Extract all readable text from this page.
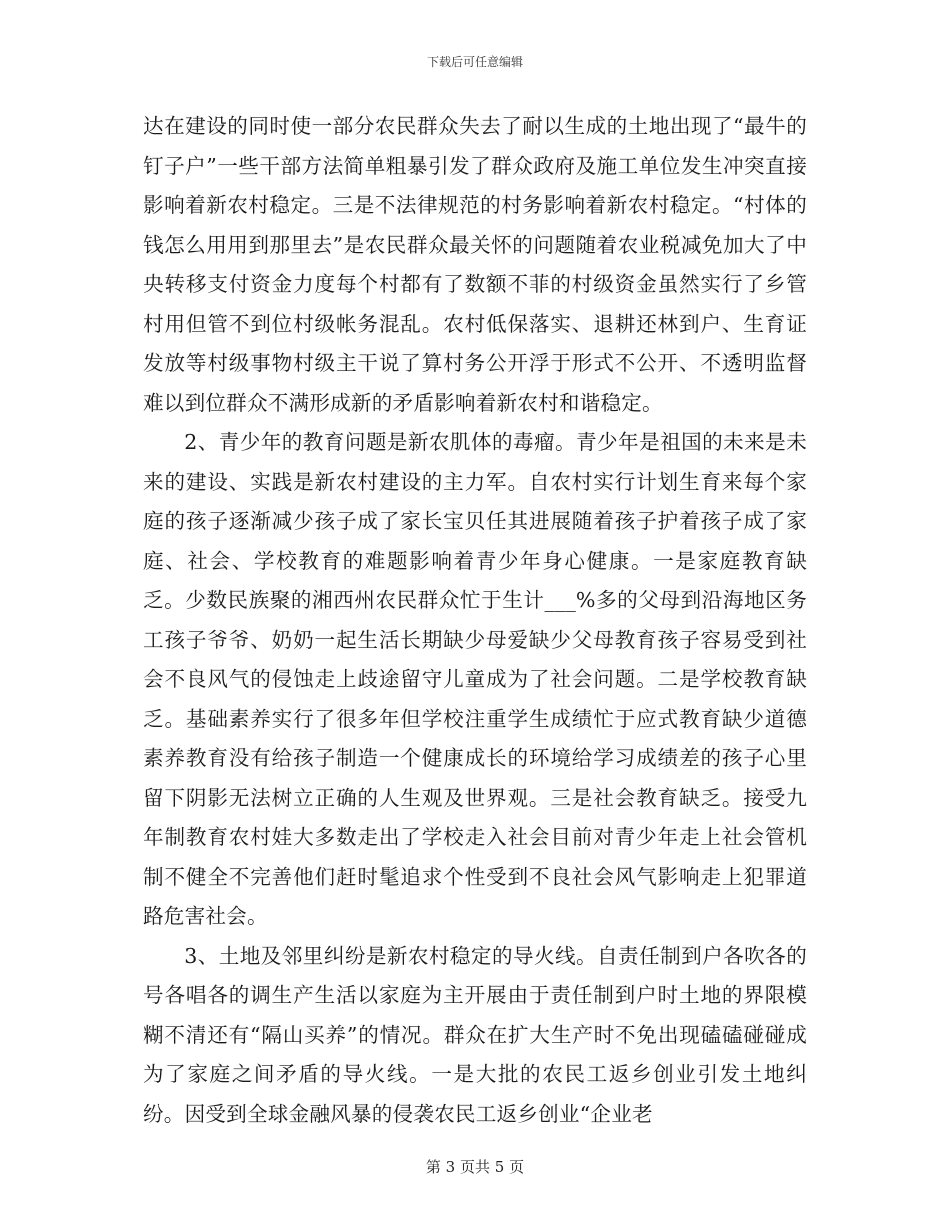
下载后可任意编辑

达在建设的同时使一部分农民群众失去了耐以生成的土地出现了“最牛的钉子户”一些干部方法简单粗暴引发了群众政府及施工单位发生冲突直接影响着新农村稳定。三是不法律规范的村务影响着新农村稳定。“村体的钱怎么用用到那里去”是农民群众最关怀的问题随着农业税减免加大了中央转移支付资金力度每个村都有了数额不菲的村级资金虽然实行了乡管村用但管不到位村级帐务混乱。农村低保落实、退耕还林到户、生育证发放等村级事物村级主干说了算村务公开浮于形式不公开、不透明监督难以到位群众不满形成新的矛盾影响着新农村和谐稳定。

2、青少年的教育问题是新农肌体的毒瘤。青少年是祖国的未来是未来的建设、实践是新农村建设的主力军。自农村实行计划生育来每个家庭的孩子逐渐减少孩子成了家长宝贝任其进展随着孩子护着孩子成了家庭、社会、学校教育的难题影响着青少年身心健康。一是家庭教育缺乏。少数民族聚的湘西州农民群众忙于生计___%多的父母到沿海地区务工孩子爷爷、奶奶一起生活长期缺少母爱缺少父母教育孩子容易受到社会不良风气的侵蚀走上歧途留守儿童成为了社会问题。二是学校教育缺乏。基础素养实行了很多年但学校注重学生成绩忙于应式教育缺少道德素养教育没有给孩子制造一个健康成长的环境给学习成绩差的孩子心里留下阴影无法树立正确的人生观及世界观。三是社会教育缺乏。接受九年制教育农村娃大多数走出了学校走入社会目前对青少年走上社会管机制不健全不完善他们赶时髦追求个性受到不良社会风气影响走上犯罪道路危害社会。

3、土地及邻里纠纷是新农村稳定的导火线。自责任制到户各吹各的号各唱各的调生产生活以家庭为主开展由于责任制到户时土地的界限模糊不清还有“隔山买养”的情况。群众在扩大生产时不免出现磕磕碰碰成为了家庭之间矛盾的导火线。一是大批的农民工返乡创业引发土地纠纷。因受到全球金融风暴的侵袭农民工返乡创业“企业老

第 3 页共 5 页
